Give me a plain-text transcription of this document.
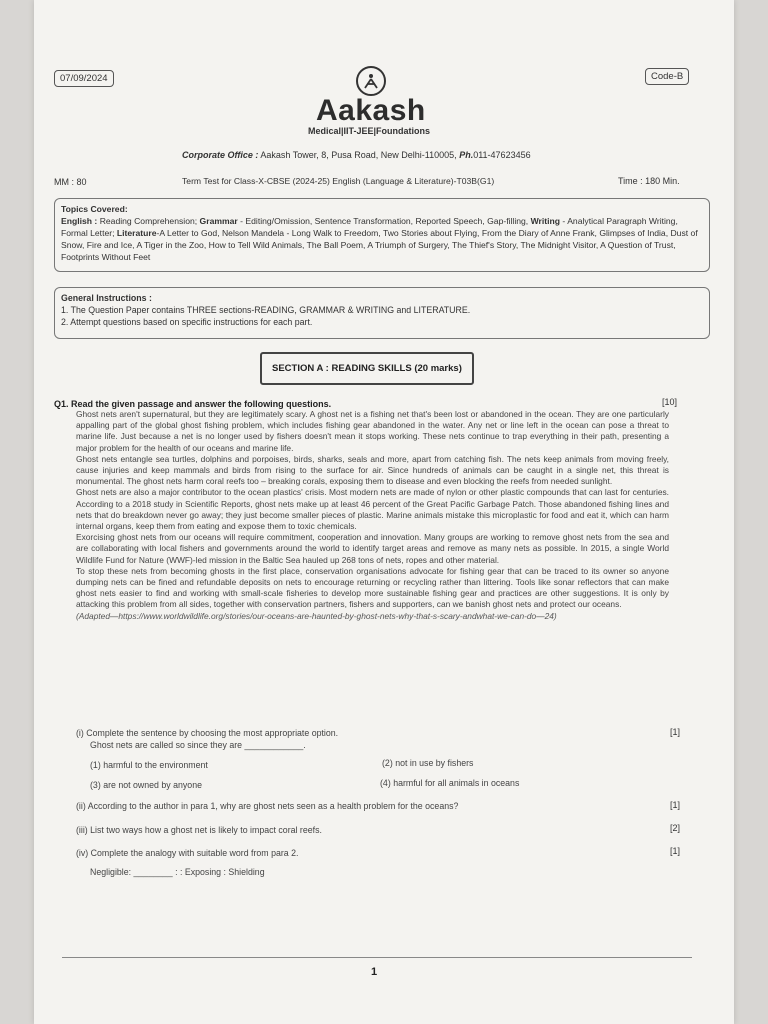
07/09/2024	Code-B
Aakash
Medical|IIT-JEE|Foundations
Corporate Office : Aakash Tower, 8, Pusa Road, New Delhi-110005, Ph.011-47623456
MM : 80	Term Test for Class-X-CBSE (2024-25) English (Language & Literature)-T03B(G1)	Time : 180 Min.
Topics Covered:
English : Reading Comprehension; Grammar - Editing/Omission, Sentence Transformation, Reported Speech, Gap-filling, Writing - Analytical Paragraph Writing, Formal Letter; Literature-A Letter to God, Nelson Mandela - Long Walk to Freedom, Two Stories about Flying, From the Diary of Anne Frank, Glimpses of India, Dust of Snow, Fire and Ice, A Tiger in the Zoo, How to Tell Wild Animals, The Ball Poem, A Triumph of Surgery, The Thief's Story, The Midnight Visitor, A Question of Trust, Footprints Without Feet
General Instructions :
1. The Question Paper contains THREE sections-READING, GRAMMAR & WRITING and LITERATURE.
2. Attempt questions based on specific instructions for each part.
SECTION A : READING SKILLS (20 marks)
Q1. Read the given passage and answer the following questions.	[10]

Ghost nets aren't supernatural, but they are legitimately scary. A ghost net is a fishing net that's been lost or abandoned in the ocean. They are one particularly appalling part of the global ghost fishing problem, which includes fishing gear abandoned in the water. Any net or line left in the ocean can pose a threat to marine life. Just because a net is no longer used by fishers doesn't mean it stops working. These nets continue to trap everything in their path, presenting a major problem for the health of our oceans and marine life.

Ghost nets entangle sea turtles, dolphins and porpoises, birds, sharks, seals and more, apart from catching fish. The nets keep animals from moving freely, cause injuries and keep mammals and birds from rising to the surface for air. Since hundreds of animals can be caught in a single net, this threat is monumental. The ghost nets harm coral reefs too – breaking corals, exposing them to disease and even blocking the reefs from needed sunlight.

Ghost nets are also a major contributor to the ocean plastics' crisis. Most modern nets are made of nylon or other plastic compounds that can last for centuries. According to a 2018 study in Scientific Reports, ghost nets make up at least 46 percent of the Great Pacific Garbage Patch. Those abandoned fishing lines and nets that do breakdown never go away; they just become smaller pieces of plastic. Marine animals mistake this microplastic for food and eat it, which can harm internal organs, keep them from eating and expose them to toxic chemicals.

Exorcising ghost nets from our oceans will require commitment, cooperation and innovation. Many groups are working to remove ghost nets from the sea and are collaborating with local fishers and governments around the world to identify target areas and remove as many nets as possible. In 2015, a single World Wildlife Fund for Nature (WWF)-led mission in the Baltic Sea hauled up 268 tons of nets, ropes and other material.

To stop these nets from becoming ghosts in the first place, conservation organisations advocate for fishing gear that can be traced to its owner so anyone dumping nets can be fined and refundable deposits on nets to encourage returning or recycling rather than littering. Tools like sonar reflectors that can make ghost nets easier to find and working with small-scale fisheries to develop more sustainable fishing gear and practices are other suggestions. It is only by attacking this problem from all sides, together with conservation partners, fishers and supporters, can we banish ghost nets and protect our oceans.

(Adapted—https://www.worldwildlife.org/stories/our-oceans-are-haunted-by-ghost-nets-why-that-s-scary-andwhat-we-can-do—24)

(i) Complete the sentence by choosing the most appropriate option.	[1]
Ghost nets are called so since they are ____________.
(1) harmful to the environment	(2) not in use by fishers
(3) are not owned by anyone	(4) harmful for all animals in oceans
(ii) According to the author in para 1, why are ghost nets seen as a health problem for the oceans?	[1]
(iii) List two ways how a ghost net is likely to impact coral reefs.	[2]
(iv) Complete the analogy with suitable word from para 2.	[1]
Negligible: ________ : : Exposing : Shielding
1
